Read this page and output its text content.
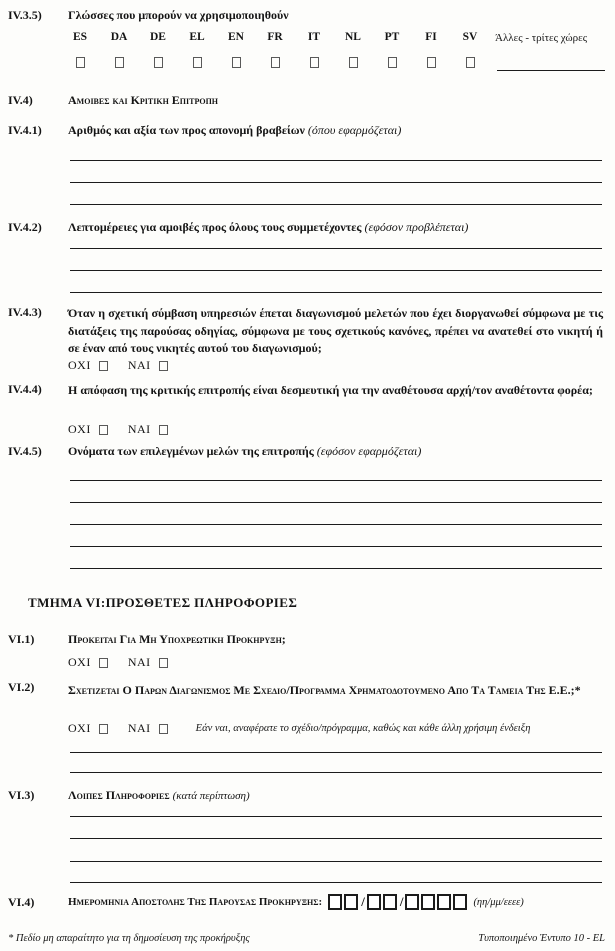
IV.3.5)	Γλώσσες που μπορούν να χρησιμοποιηθούν
ES DA DE EL EN FR IT NL PT FI SV Άλλες - τρίτες χώρες
IV.4)	Αμοιβες και Κριτικη Επιτροπη
IV.4.1)	Αριθμός και αξία των προς απονομή βραβείων (όπου εφαρμόζεται)
IV.4.2)	Λεπτομέρειες για αμοιβές προς όλους τους συμμετέχοντες (εφόσον προβλέπεται)
IV.4.3)	Όταν η σχετική σύμβαση υπηρεσιών έπεται διαγωνισμού μελετών που έχει διοργανωθεί σύμφωνα με τις διατάξεις της παρούσας οδηγίας, σύμφωνα με τους σχετικούς κανόνες, πρέπει να ανατεθεί στο νικητή ή σε έναν από τους νικητές αυτού του διαγωνισμού;
ΟΧΙ	ΝΑΙ
IV.4.4)	Η απόφαση της κριτικής επιτροπής είναι δεσμευτική για την αναθέτουσα αρχή/τον αναθέτοντα φορέα;
ΟΧΙ	ΝΑΙ
IV.4.5)	Ονόματα των επιλεγμένων μελών της επιτροπής (εφόσον εφαρμόζεται)
ΤΜΗΜΑ VI:ΠΡΟΣΘΕΤΕΣ ΠΛΗΡΟΦΟΡΙΕΣ
VI.1)	Προκειται Για Μη Υποχρεωτικη Προκηρυξη;
ΟΧΙ	ΝΑΙ
VI.2)	Σχετιζεται Ο Παρων Διαγωνισμος Με Σχεδιο/Προγραμμα Χρηματοδοτουμενο Απο Τα Ταμεια Της Ε.Ε.;*
ΟΧΙ	ΝΑΙ	Εάν ναι, αναφέρατε το σχέδιο/πρόγραμμα, καθώς και κάθε άλλη χρήσιμη ένδειξη
VI.3)	Λοιπες Πληροφοριες (κατά περίπτωση)
VI.4)	Ημερομηνια Αποστολης Της Παρουσας Προκηρυξης:	/	/	(ηη/μμ/εεεε)
* Πεδίο μη απαραίτητο για τη δημοσίευση της προκήρυξης	Τυποποιημένο Έντυπο 10 - EL
